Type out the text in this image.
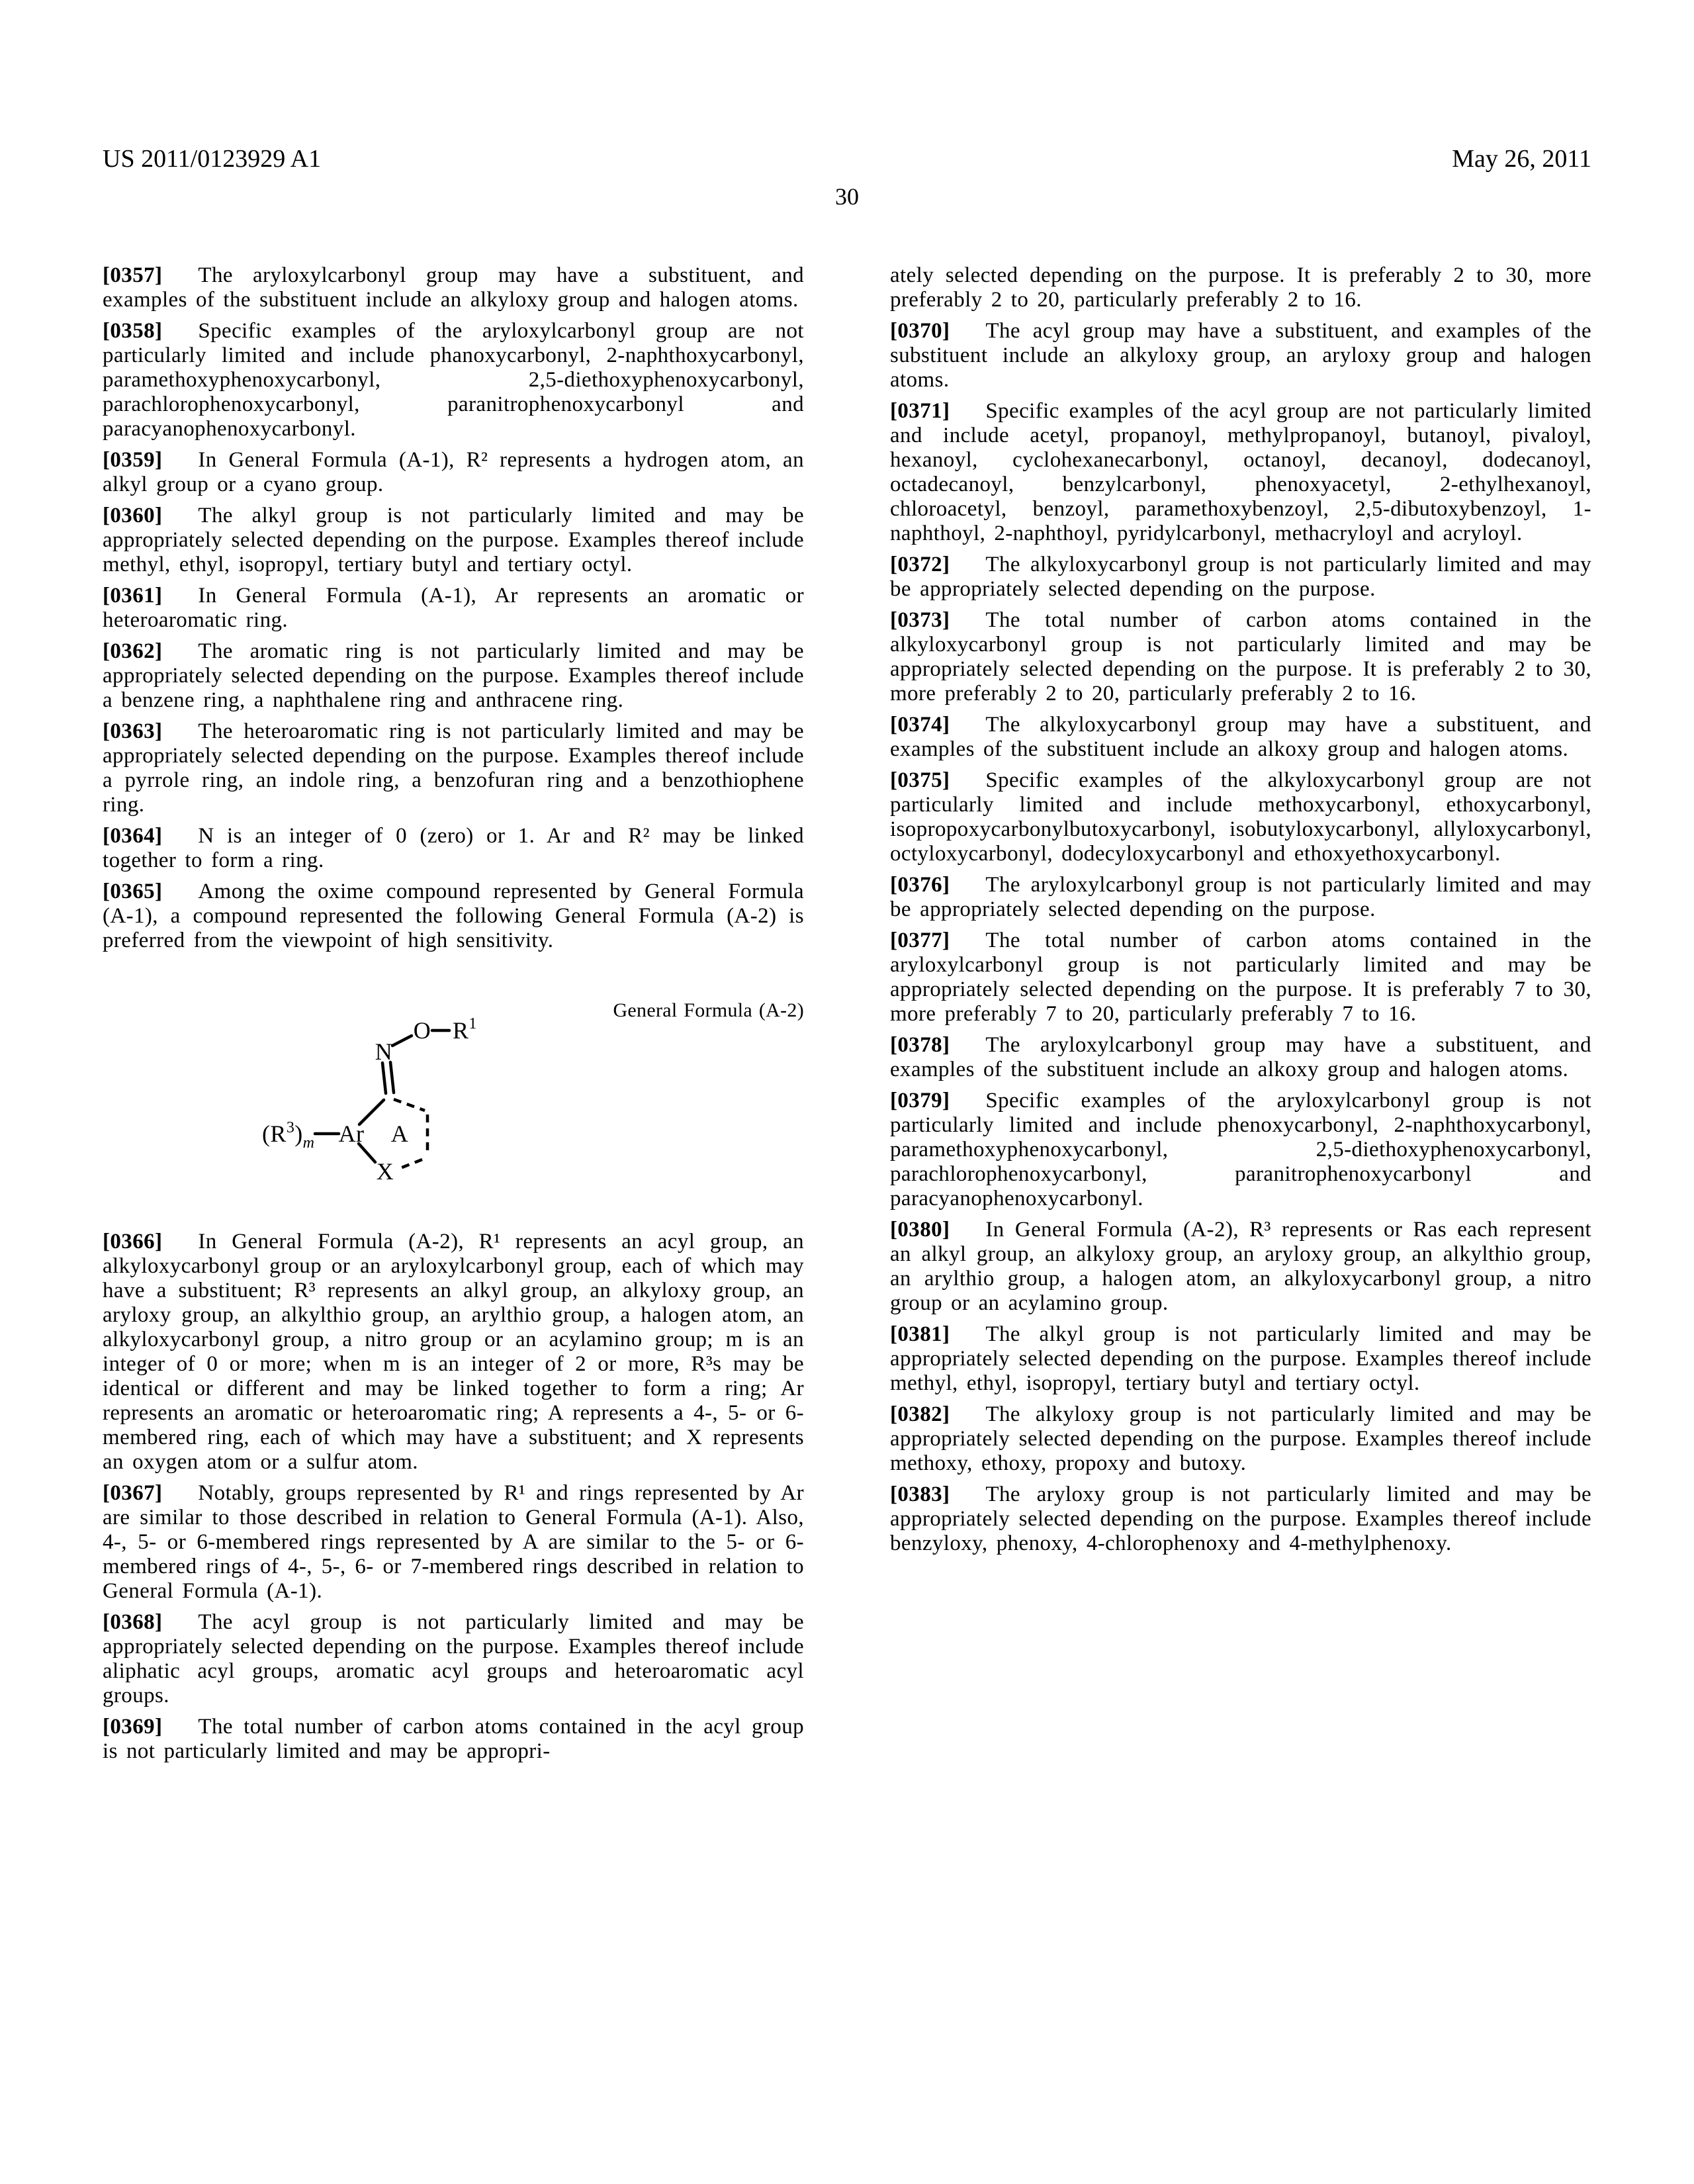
US 2011/0123929 A1	May 26, 2011
30

[0357] The aryloxylcarbonyl group may have a substituent, and examples of the substituent include an alkyloxy group and halogen atoms.

[0358] Specific examples of the aryloxylcarbonyl group are not particularly limited and include phanoxycarbonyl, 2-naphthoxycarbonyl, paramethoxyphenoxycarbonyl, 2,5-diethoxyphenoxycarbonyl, parachlorophenoxycarbonyl, paranitrophenoxycarbonyl and paracyanophenoxycarbonyl.

[0359] In General Formula (A-1), R² represents a hydrogen atom, an alkyl group or a cyano group.

[0360] The alkyl group is not particularly limited and may be appropriately selected depending on the purpose. Examples thereof include methyl, ethyl, isopropyl, tertiary butyl and tertiary octyl.

[0361] In General Formula (A-1), Ar represents an aromatic or heteroaromatic ring.

[0362] The aromatic ring is not particularly limited and may be appropriately selected depending on the purpose. Examples thereof include a benzene ring, a naphthalene ring and anthracene ring.

[0363] The heteroaromatic ring is not particularly limited and may be appropriately selected depending on the purpose. Examples thereof include a pyrrole ring, an indole ring, a benzofuran ring and a benzothiophene ring.

[0364] N is an integer of 0 (zero) or 1. Ar and R² may be linked together to form a ring.

[0365] Among the oxime compound represented by General Formula (A-1), a compound represented the following General Formula (A-2) is preferred from the viewpoint of high sensitivity.

General Formula (A-2)
O $R^1$
N
Ar A
X
$(R^3)_m$

[0366] In General Formula (A-2), R¹ represents an acyl group, an alkyloxycarbonyl group or an aryloxylcarbonyl group, each of which may have a substituent; R³ represents an alkyl group, an alkyloxy group, an aryloxy group, an alkylthio group, an arylthio group, a halogen atom, an alkyloxycarbonyl group, a nitro group or an acylamino group; m is an integer of 0 or more; when m is an integer of 2 or more, R³s may be identical or different and may be linked together to form a ring; Ar represents an aromatic or heteroaromatic ring; A represents a 4-, 5- or 6-membered ring, each of which may have a substituent; and X represents an oxygen atom or a sulfur atom.

[0367] Notably, groups represented by R¹ and rings represented by Ar are similar to those described in relation to General Formula (A-1). Also, 4-, 5- or 6-membered rings represented by A are similar to the 5- or 6-membered rings of 4-, 5-, 6- or 7-membered rings described in relation to General Formula (A-1).

[0368] The acyl group is not particularly limited and may be appropriately selected depending on the purpose. Examples thereof include aliphatic acyl groups, aromatic acyl groups and heteroaromatic acyl groups.

[0369] The total number of carbon atoms contained in the acyl group is not particularly limited and may be appropri-

ately selected depending on the purpose. It is preferably 2 to 30, more preferably 2 to 20, particularly preferably 2 to 16.

[0370] The acyl group may have a substituent, and examples of the substituent include an alkyloxy group, an aryloxy group and halogen atoms.

[0371] Specific examples of the acyl group are not particularly limited and include acetyl, propanoyl, methylpropanoyl, butanoyl, pivaloyl, hexanoyl, cyclohexanecarbonyl, octanoyl, decanoyl, dodecanoyl, octadecanoyl, benzylcarbonyl, phenoxyacetyl, 2-ethylhexanoyl, chloroacetyl, benzoyl, paramethoxybenzoyl, 2,5-dibutoxybenzoyl, 1-naphthoyl, 2-naphthoyl, pyridylcarbonyl, methacryloyl and acryloyl.

[0372] The alkyloxycarbonyl group is not particularly limited and may be appropriately selected depending on the purpose.

[0373] The total number of carbon atoms contained in the alkyloxycarbonyl group is not particularly limited and may be appropriately selected depending on the purpose. It is preferably 2 to 30, more preferably 2 to 20, particularly preferably 2 to 16.

[0374] The alkyloxycarbonyl group may have a substituent, and examples of the substituent include an alkoxy group and halogen atoms.

[0375] Specific examples of the alkyloxycarbonyl group are not particularly limited and include methoxycarbonyl, ethoxycarbonyl, isopropoxycarbonylbutoxycarbonyl, isobutyloxycarbonyl, allyloxycarbonyl, octyloxycarbonyl, dodecyloxycarbonyl and ethoxyethoxycarbonyl.

[0376] The aryloxylcarbonyl group is not particularly limited and may be appropriately selected depending on the purpose.

[0377] The total number of carbon atoms contained in the aryloxylcarbonyl group is not particularly limited and may be appropriately selected depending on the purpose. It is preferably 7 to 30, more preferably 7 to 20, particularly preferably 7 to 16.

[0378] The aryloxylcarbonyl group may have a substituent, and examples of the substituent include an alkoxy group and halogen atoms.

[0379] Specific examples of the aryloxylcarbonyl group is not particularly limited and include phenoxycarbonyl, 2-naphthoxycarbonyl, paramethoxyphenoxycarbonyl, 2,5-diethoxyphenoxycarbonyl, parachlorophenoxycarbonyl, paranitrophenoxycarbonyl and paracyanophenoxycarbonyl.

[0380] In General Formula (A-2), R³ represents or Ras each represent an alkyl group, an alkyloxy group, an aryloxy group, an alkylthio group, an arylthio group, a halogen atom, an alkyloxycarbonyl group, a nitro group or an acylamino group.

[0381] The alkyl group is not particularly limited and may be appropriately selected depending on the purpose. Examples thereof include methyl, ethyl, isopropyl, tertiary butyl and tertiary octyl.

[0382] The alkyloxy group is not particularly limited and may be appropriately selected depending on the purpose. Examples thereof include methoxy, ethoxy, propoxy and butoxy.

[0383] The aryloxy group is not particularly limited and may be appropriately selected depending on the purpose. Examples thereof include benzyloxy, phenoxy, 4-chlorophenoxy and 4-methylphenoxy.
